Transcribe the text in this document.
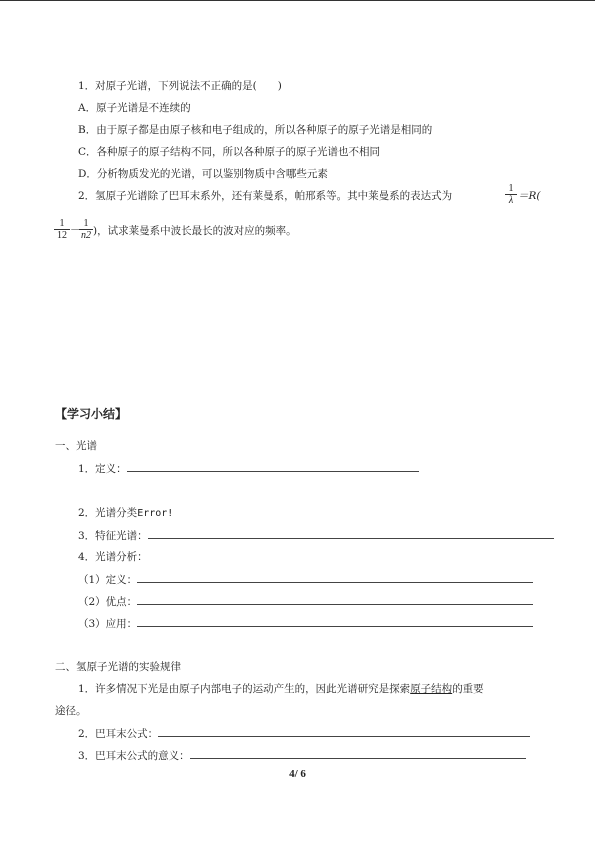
1．对原子光谱，下列说法不正确的是(　　)
A．原子光谱是不连续的
B．由于原子都是由原子核和电子组成的，所以各种原子的原子光谱是相同的
C．各种原子的原子结构不同，所以各种原子的原子光谱也不相同
D．分析物质发光的光谱，可以鉴别物质中含哪些元素
2．氢原子光谱除了巴耳末系外，还有莱曼系，帕邢系等。其中莱曼系的表达式为	$\frac{1}{\lambda} =R$(
$\frac{1}{12}$ －
$\frac{1}{n2}$ )，试求莱曼系中波长最长的波对应的频率。
【学习小结】
一、光谱
1．定义：
2．光谱分类Error!
3．特征光谱：
4．光谱分析：
（1）定义：
（2）优点：
（3）应用：
二、氢原子光谱的实验规律
1．许多情况下光是由原子内部电子的运动产生的，因此光谱研究是探索原子结构的重要
途径。
2．巴耳末公式：
3．巴耳末公式的意义：
4/ 6
